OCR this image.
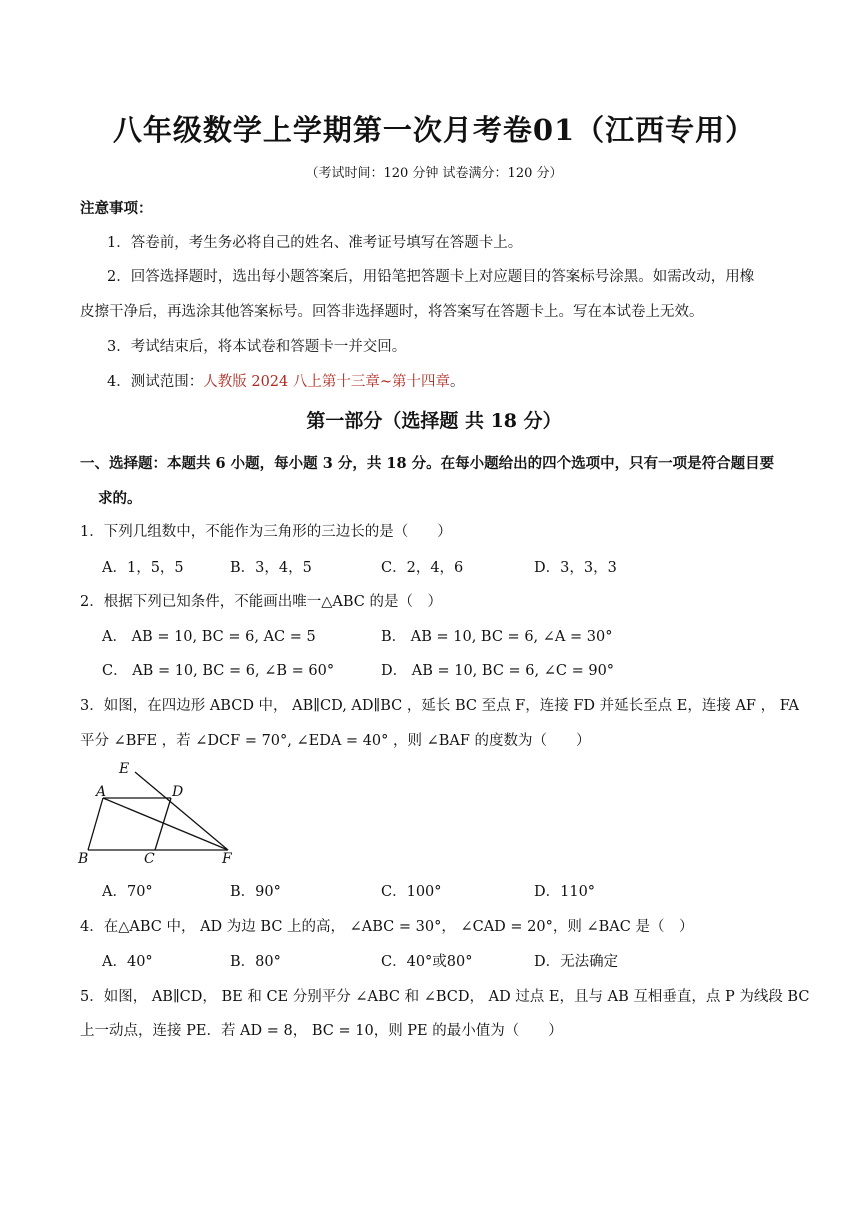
八年级数学上学期第一次月考卷01（江西专用）
（考试时间：120 分钟 试卷满分：120 分）
注意事项：
1．答卷前，考生务必将自己的姓名、准考证号填写在答题卡上。
2．回答选择题时，选出每小题答案后，用铅笔把答题卡上对应题目的答案标号涂黑。如需改动，用橡
皮擦干净后，再选涂其他答案标号。回答非选择题时，将答案写在答题卡上。写在本试卷上无效。
3．考试结束后，将本试卷和答题卡一并交回。
4．测试范围：人教版 2024 八上第十三章~第十四章。
第一部分（选择题 共 18 分）
一、选择题：本题共 6 小题，每小题 3 分，共 18 分。在每小题给出的四个选项中，只有一项是符合题目要
求的。
1．下列几组数中，不能作为三角形的三边长的是（　　）
A．1，5，5	B．3，4，5	C．2，4，6	D．3，3，3
2．根据下列已知条件，不能画出唯一△ABC 的是（　）
A． AB = 10, BC = 6, AC = 5	B． AB = 10, BC = 6, ∠A = 30°
C． AB = 10, BC = 6, ∠B = 60°	D． AB = 10, BC = 6, ∠C = 90°
3．如图，在四边形 ABCD 中， AB∥CD, AD∥BC ，延长 BC 至点 F，连接 FD 并延长至点 E，连接 AF ， FA
平分 ∠BFE ，若 ∠DCF = 70°, ∠EDA = 40° ，则 ∠BAF 的度数为（　　）
E
A	D
B	C	F
A．70°	B．90°	C．100°	D．110°
4．在△ABC 中， AD 为边 BC 上的高， ∠ABC = 30°， ∠CAD = 20°，则 ∠BAC 是（　）
A．40°	B．80°	C．40°或80°	D．无法确定
5．如图， AB∥CD， BE 和 CE 分别平分 ∠ABC 和 ∠BCD， AD 过点 E，且与 AB 互相垂直，点 P 为线段 BC
上一动点，连接 PE．若 AD = 8， BC = 10，则 PE 的最小值为（　　）
